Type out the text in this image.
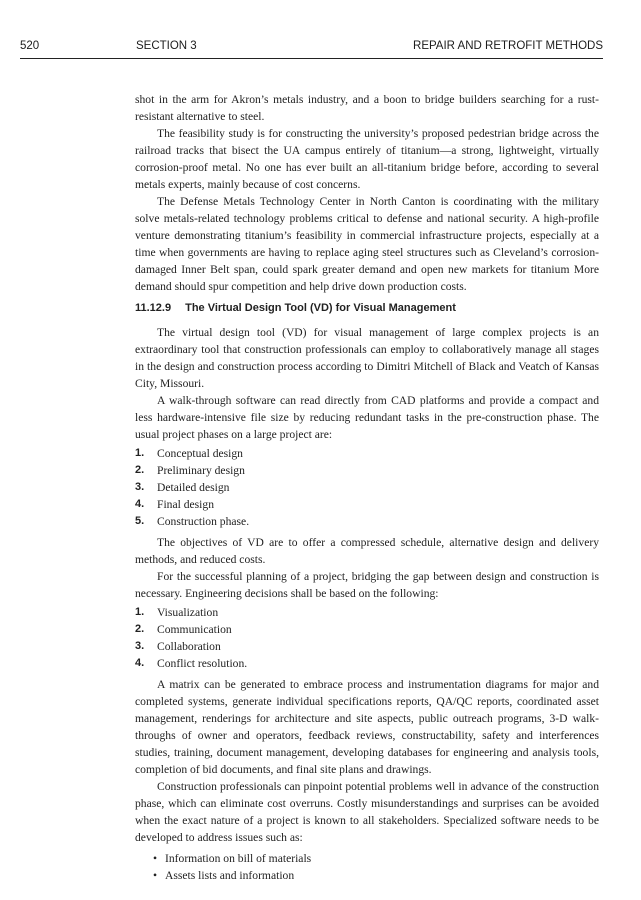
520	SECTION 3	REPAIR AND RETROFIT METHODS

shot in the arm for Akron’s metals industry, and a boon to bridge builders searching for a rust-resistant alternative to steel.

The feasibility study is for constructing the university’s proposed pedestrian bridge across the railroad tracks that bisect the UA campus entirely of titanium—a strong, lightweight, virtually corrosion-proof metal. No one has ever built an all-titanium bridge before, according to several metals experts, mainly because of cost concerns.

The Defense Metals Technology Center in North Canton is coordinating with the military solve metals-related technology problems critical to defense and national security. A high-profile venture demonstrating titanium’s feasibility in commercial infrastructure projects, especially at a time when governments are having to replace aging steel structures such as Cleveland’s corrosion-damaged Inner Belt span, could spark greater demand and open new markets for titanium More demand should spur competition and help drive down production costs.

11.12.9 The Virtual Design Tool (VD) for Visual Management

The virtual design tool (VD) for visual management of large complex projects is an extraordinary tool that construction professionals can employ to collaboratively manage all stages in the design and construction process according to Dimitri Mitchell of Black and Veatch of Kansas City, Missouri.

A walk-through software can read directly from CAD platforms and provide a compact and less hardware-intensive file size by reducing redundant tasks in the pre-construction phase. The usual project phases on a large project are:

1. Conceptual design
2. Preliminary design
3. Detailed design
4. Final design
5. Construction phase.

The objectives of VD are to offer a compressed schedule, alternative design and delivery methods, and reduced costs.

For the successful planning of a project, bridging the gap between design and construction is necessary. Engineering decisions shall be based on the following:

1. Visualization
2. Communication
3. Collaboration
4. Conflict resolution.

A matrix can be generated to embrace process and instrumentation diagrams for major and completed systems, generate individual specifications reports, QA/QC reports, coordinated asset management, renderings for architecture and site aspects, public outreach programs, 3-D walk-throughs of owner and operators, feedback reviews, constructability, safety and interferences studies, training, document management, developing databases for engineering and analysis tools, completion of bid documents, and final site plans and drawings.

Construction professionals can pinpoint potential problems well in advance of the construction phase, which can eliminate cost overruns. Costly misunderstandings and surprises can be avoided when the exact nature of a project is known to all stakeholders. Specialized software needs to be developed to address issues such as:

• Information on bill of materials
• Assets lists and information
